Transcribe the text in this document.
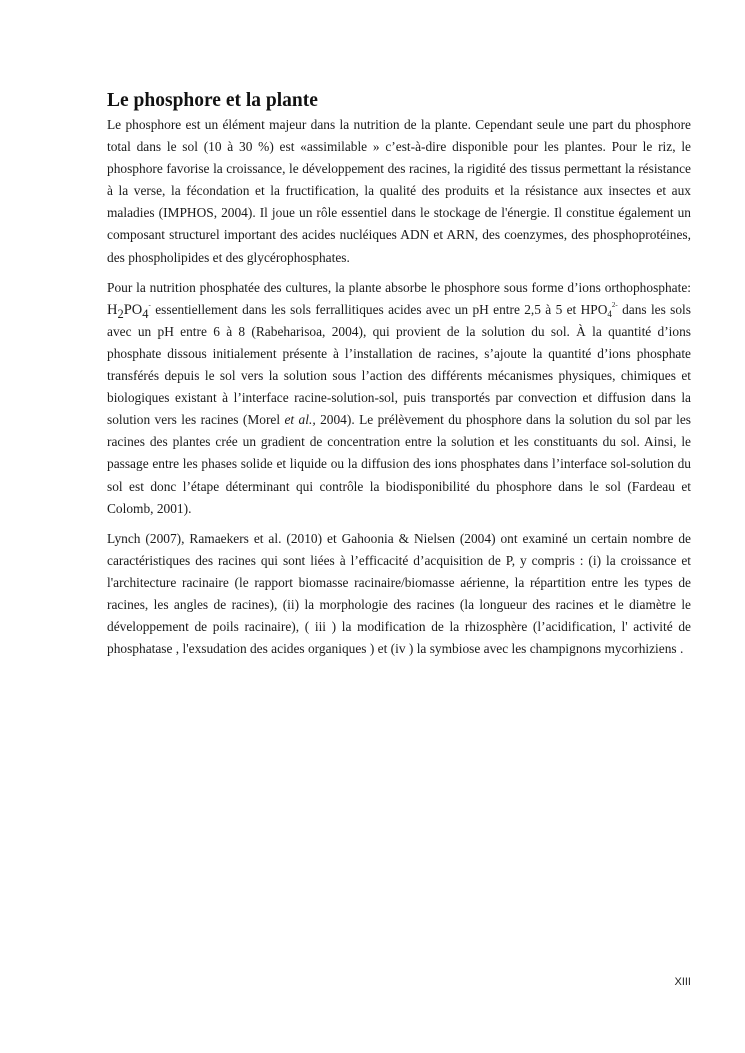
Le phosphore et la plante

Le phosphore est un élément majeur dans la nutrition de la plante. Cependant seule une part du phosphore total dans le sol (10 à 30 %) est «assimilable » c’est-à-dire disponible pour les plantes. Pour le riz, le phosphore favorise la croissance, le développement des racines, la rigidité des tissus permettant la résistance à la verse, la fécondation et la fructification, la qualité des produits et la résistance aux insectes et aux maladies (IMPHOS, 2004). Il joue un rôle essentiel dans le stockage de l'énergie. Il constitue également un composant structurel important des acides nucléiques ADN et ARN, des coenzymes, des phosphoprotéines, des phospholipides et des glycérophosphates.

Pour la nutrition phosphatée des cultures, la plante absorbe le phosphore sous forme d’ions orthophosphate: $H_2PO_4^-$ essentiellement dans les sols ferrallitiques acides avec un pH entre 2,5 à 5 et $HPO_4^{2-}$ dans les sols avec un pH entre 6 à 8 (Rabeharisoa, 2004), qui provient de la solution du sol. À la quantité d’ions phosphate dissous initialement présente à l’installation de racines, s’ajoute la quantité d’ions phosphate transférés depuis le sol vers la solution sous l’action des différents mécanismes physiques, chimiques et biologiques existant à l’interface racine-solution-sol, puis transportés par convection et diffusion dans la solution vers les racines (Morel et al., 2004). Le prélèvement du phosphore dans la solution du sol par les racines des plantes crée un gradient de concentration entre la solution et les constituants du sol. Ainsi, le passage entre les phases solide et liquide ou la diffusion des ions phosphates dans l’interface sol-solution du sol est donc l’étape déterminant qui contrôle la biodisponibilité du phosphore dans le sol (Fardeau et Colomb, 2001).

Lynch (2007), Ramaekers et al. (2010) et Gahoonia & Nielsen (2004) ont examiné un certain nombre de caractéristiques des racines qui sont liées à l’efficacité d’acquisition de P, y compris : (i) la croissance et l'architecture racinaire (le rapport biomasse racinaire/biomasse aérienne, la répartition entre les types de racines, les angles de racines), (ii) la morphologie des racines (la longueur des racines et le diamètre le développement de poils racinaire), ( iii ) la modification de la rhizosphère (l’acidification, l' activité de phosphatase , l'exsudation des acides organiques ) et (iv ) la symbiose avec les champignons mycorhiziens .

XIII
